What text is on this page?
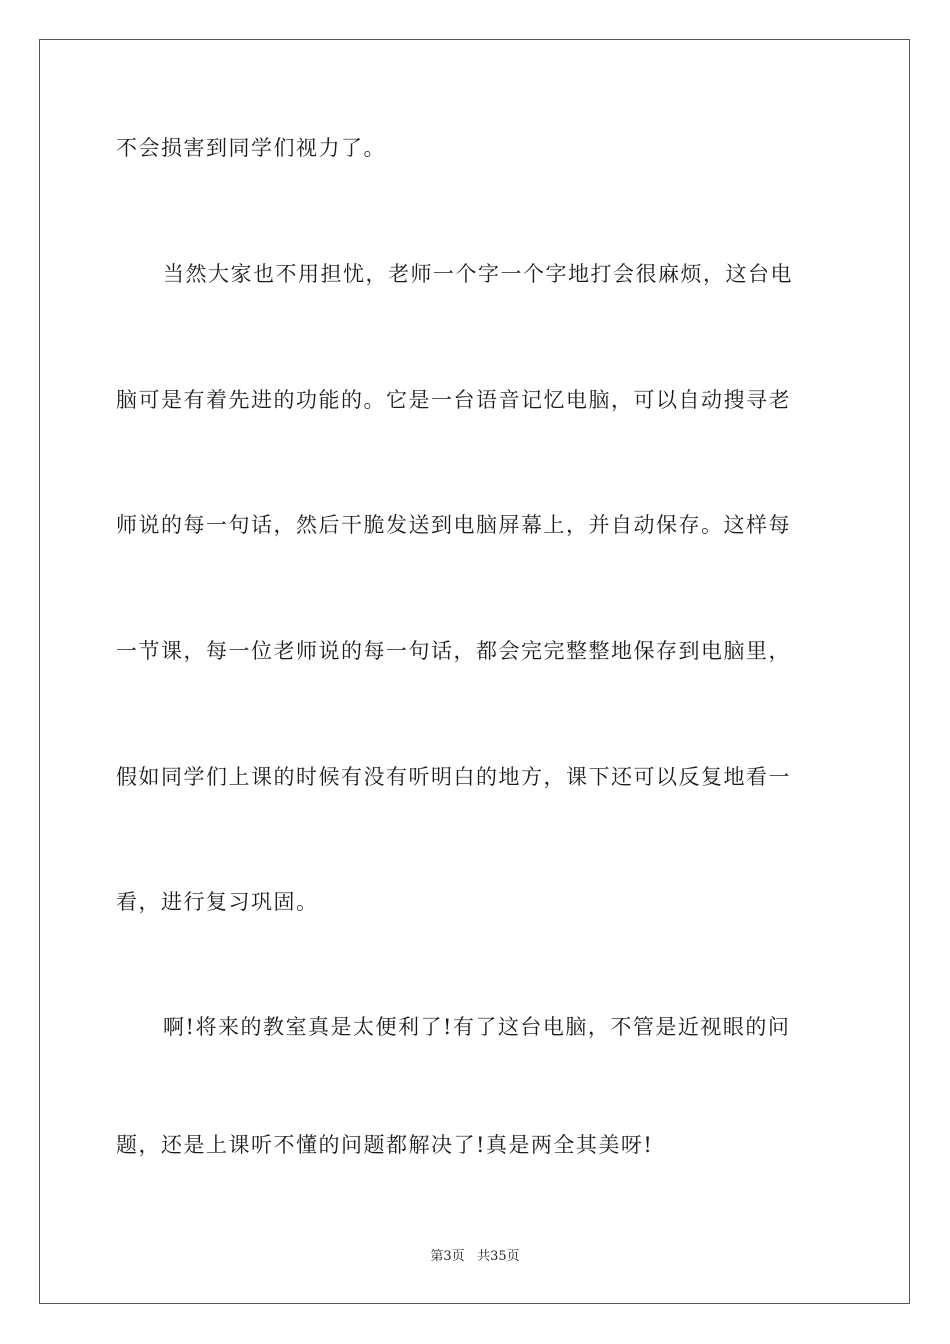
不会损害到同学们视力了。
当然大家也不用担忧，老师一个字一个字地打会很麻烦，这台电
脑可是有着先进的功能的。它是一台语音记忆电脑，可以自动搜寻老
师说的每一句话，然后干脆发送到电脑屏幕上，并自动保存。这样每
一节课，每一位老师说的每一句话，都会完完整整地保存到电脑里，
假如同学们上课的时候有没有听明白的地方，课下还可以反复地看一
看，进行复习巩固。
啊!将来的教室真是太便利了!有了这台电脑，不管是近视眼的问
题，还是上课听不懂的问题都解决了!真是两全其美呀!
第3页 共35页
